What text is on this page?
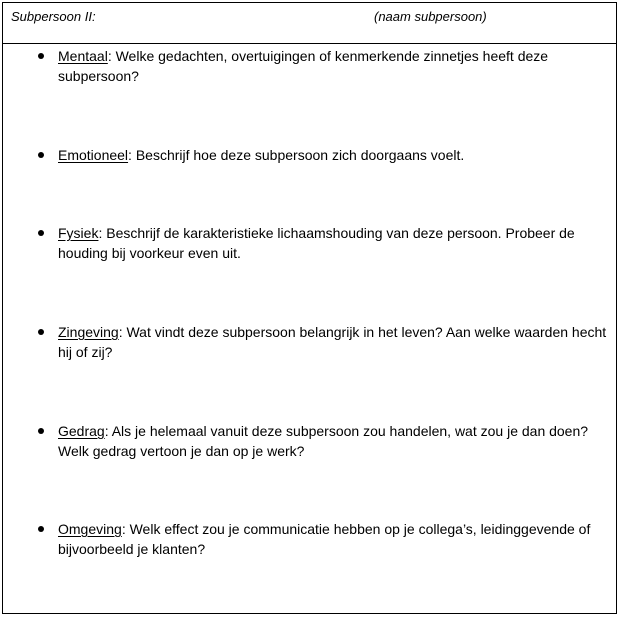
Subpersoon II:	(naam subpersoon)
Mentaal: Welke gedachten, overtuigingen of kenmerkende zinnetjes heeft deze subpersoon?
Emotioneel: Beschrijf hoe deze subpersoon zich doorgaans voelt.
Fysiek: Beschrijf de karakteristieke lichaamshouding van deze persoon. Probeer de houding bij voorkeur even uit.
Zingeving: Wat vindt deze subpersoon belangrijk in het leven? Aan welke waarden hecht hij of zij?
Gedrag: Als je helemaal vanuit deze subpersoon zou handelen, wat zou je dan doen? Welk gedrag vertoon je dan op je werk?
Omgeving: Welk effect zou je communicatie hebben op je collega’s, leidinggevende of bijvoorbeeld je klanten?
